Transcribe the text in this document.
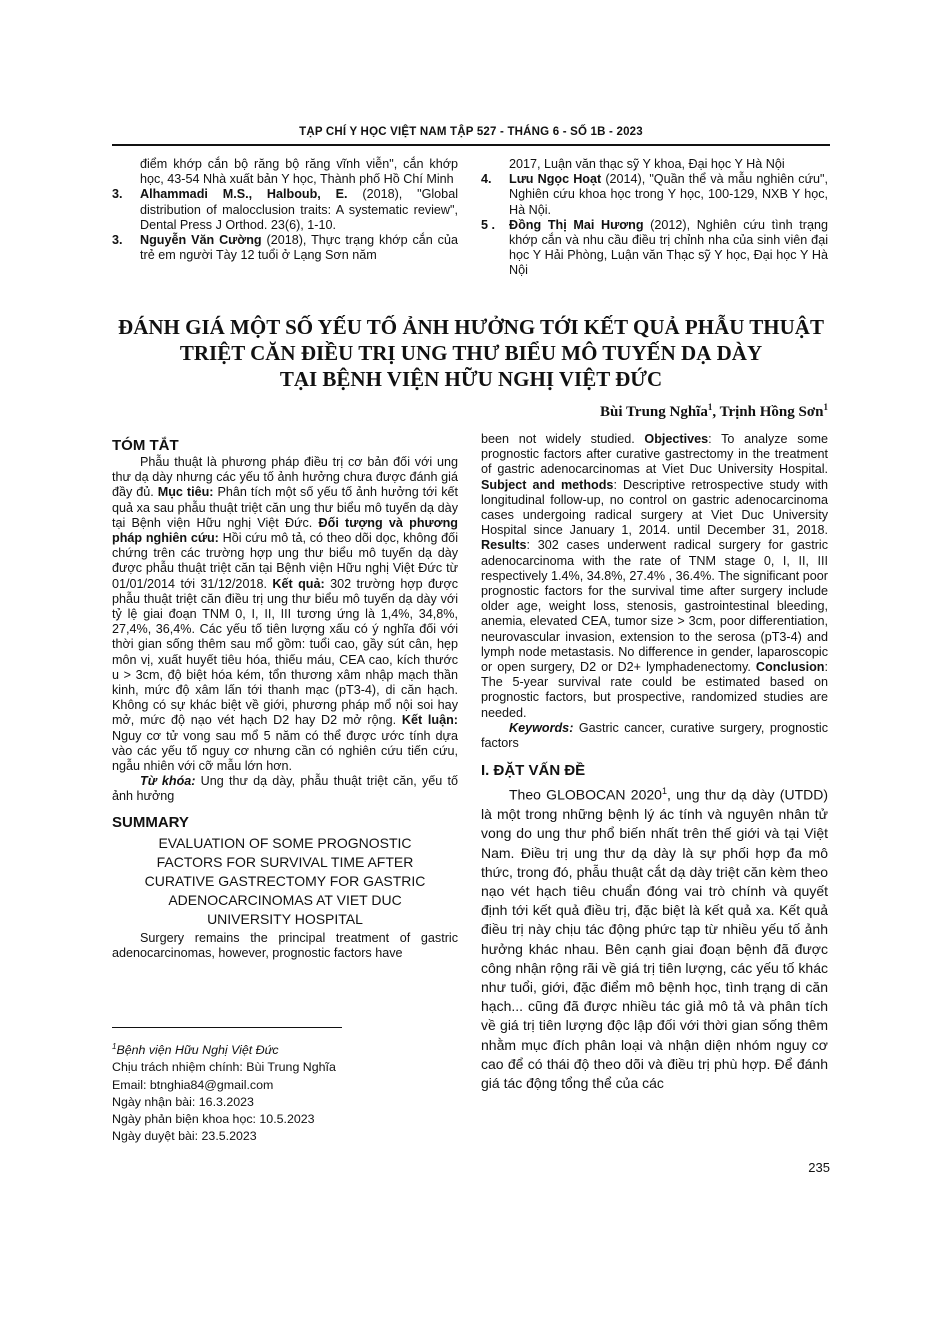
TẠP CHÍ Y HỌC VIỆT NAM TẬP 527 - THÁNG 6 - SỐ 1B - 2023
điểm khớp cắn bộ răng bộ răng vĩnh viễn", cắn khớp học, 43-54 Nhà xuất bản Y học, Thành phố Hồ Chí Minh
3. Alhammadi M.S., Halboub, E. (2018), "Global distribution of malocclusion traits: A systematic review", Dental Press J Orthod. 23(6), 1-10.
3. Nguyễn Văn Cường (2018), Thực trạng khớp cắn của trẻ em người Tày 12 tuổi ở Lạng Sơn năm
2017, Luận văn thạc sỹ Y khoa, Đại học Y Hà Nội
4. Lưu Ngọc Hoạt (2014), "Quần thể và mẫu nghiên cứu", Nghiên cứu khoa học trong Y học, 100-129, NXB Y học, Hà Nội.
5 . Đồng Thị Mai Hương (2012), Nghiên cứu tình trạng khớp cắn và nhu cầu điều trị chỉnh nha của sinh viên đại học Y Hải Phòng, Luận văn Thạc sỹ Y học, Đại học Y Hà Nội
ĐÁNH GIÁ MỘT SỐ YẾU TỐ ẢNH HƯỞNG TỚI KẾT QUẢ PHẪU THUẬT
TRIỆT CĂN ĐIỀU TRỊ UNG THƯ BIỂU MÔ TUYẾN DẠ DÀY
TẠI BỆNH VIỆN HỮU NGHỊ VIỆT ĐỨC
Bùi Trung Nghĩa$^1$, Trịnh Hồng Sơn$^1$
TÓM TẮT

Phẫu thuật là phương pháp điều trị cơ bản đối với ung thư dạ dày nhưng các yếu tố ảnh hưởng chưa được đánh giá đầy đủ. Mục tiêu: Phân tích một số yếu tố ảnh hưởng tới kết quả xa sau phẫu thuật triệt căn ung thư biểu mô tuyến dạ dày tại Bệnh viện Hữu nghị Việt Đức. Đối tượng và phương pháp nghiên cứu: Hồi cứu mô tả, có theo dõi dọc, không đối chứng trên các trường hợp ung thư biểu mô tuyến dạ dày được phẫu thuật triệt căn tại Bệnh viện Hữu nghị Việt Đức từ 01/01/2014 tới 31/12/2018. Kết quả: 302 trường hợp được phẫu thuật triệt căn điều trị ung thư biểu mô tuyến dạ dày với tỷ lệ giai đoạn TNM 0, I, II, III tương ứng là 1,4%, 34,8%, 27,4%, 36,4%. Các yếu tố tiên lượng xấu có ý nghĩa đối với thời gian sống thêm sau mổ gồm: tuổi cao, gầy sút cân, hẹp môn vị, xuất huyết tiêu hóa, thiếu máu, CEA cao, kích thước u > 3cm, độ biệt hóa kém, tổn thương xâm nhập mạch thần kinh, mức độ xâm lấn tới thanh mạc (pT3-4), di căn hạch. Không có sự khác biệt về giới, phương pháp mổ nội soi hay mở, mức độ nạo vét hạch D2 hay D2 mở rộng. Kết luận: Nguy cơ tử vong sau mổ 5 năm có thể được ước tính dựa vào các yếu tố nguy cơ nhưng cần có nghiên cứu tiến cứu, ngẫu nhiên với cỡ mẫu lớn hơn.

Từ khóa: Ung thư dạ dày, phẫu thuật triệt căn, yếu tố ảnh hưởng

SUMMARY
EVALUATION OF SOME PROGNOSTIC
FACTORS FOR SURVIVAL TIME AFTER
CURATIVE GASTRECTOMY FOR GASTRIC
ADENOCARCINOMAS AT VIET DUC
UNIVERSITY HOSPITAL

Surgery remains the principal treatment of gastric adenocarcinomas, however, prognostic factors have

$^1$Bệnh viện Hữu Nghị Việt Đức
Chịu trách nhiệm chính: Bùi Trung Nghĩa
Email: btnghia84@gmail.com
Ngày nhận bài: 16.3.2023
Ngày phản biện khoa học: 10.5.2023
Ngày duyệt bài: 23.5.2023

been not widely studied. Objectives: To analyze some prognostic factors after curative gastrectomy in the treatment of gastric adenocarcinomas at Viet Duc University Hospital. Subject and methods: Descriptive retrospective study with longitudinal follow-up, no control on gastric adenocarcinoma cases undergoing radical surgery at Viet Duc University Hospital since January 1, 2014. until December 31, 2018. Results: 302 cases underwent radical surgery for gastric adenocarcinoma with the rate of TNM stage 0, I, II, III respectively 1.4%, 34.8%, 27.4% , 36.4%. The significant poor prognostic factors for the survival time after surgery include older age, weight loss, stenosis, gastrointestinal bleeding, anemia, elevated CEA, tumor size > 3cm, poor differentiation, neurovascular invasion, extension to the serosa (pT3-4) and lymph node metastasis. No difference in gender, laparoscopic or open surgery, D2 or D2+ lymphadenectomy. Conclusion: The 5-year survival rate could be estimated based on prognostic factors, but prospective, randomized studies are needed.

Keywords: Gastric cancer, curative surgery, prognostic factors

I. ĐẶT VẤN ĐỀ

Theo GLOBOCAN 2020$^1$, ung thư dạ dày (UTDD) là một trong những bệnh lý ác tính và nguyên nhân tử vong do ung thư phổ biến nhất trên thế giới và tại Việt Nam. Điều trị ung thư dạ dày là sự phối hợp đa mô thức, trong đó, phẫu thuật cắt dạ dày triệt căn kèm theo nạo vét hạch tiêu chuẩn đóng vai trò chính và quyết định tới kết quả điều trị, đặc biệt là kết quả xa. Kết quả điều trị này chịu tác động phức tạp từ nhiều yếu tố ảnh hưởng khác nhau. Bên cạnh giai đoạn bệnh đã được công nhận rộng rãi về giá trị tiên lượng, các yếu tố khác như tuổi, giới, đặc điểm mô bệnh học, tình trạng di căn hạch... cũng đã được nhiều tác giả mô tả và phân tích về giá trị tiên lượng độc lập đối với thời gian sống thêm nhằm mục đích phân loại và nhận diện nhóm nguy cơ cao để có thái độ theo dõi và điều trị phù hợp. Để đánh giá tác động tổng thể của các

235
